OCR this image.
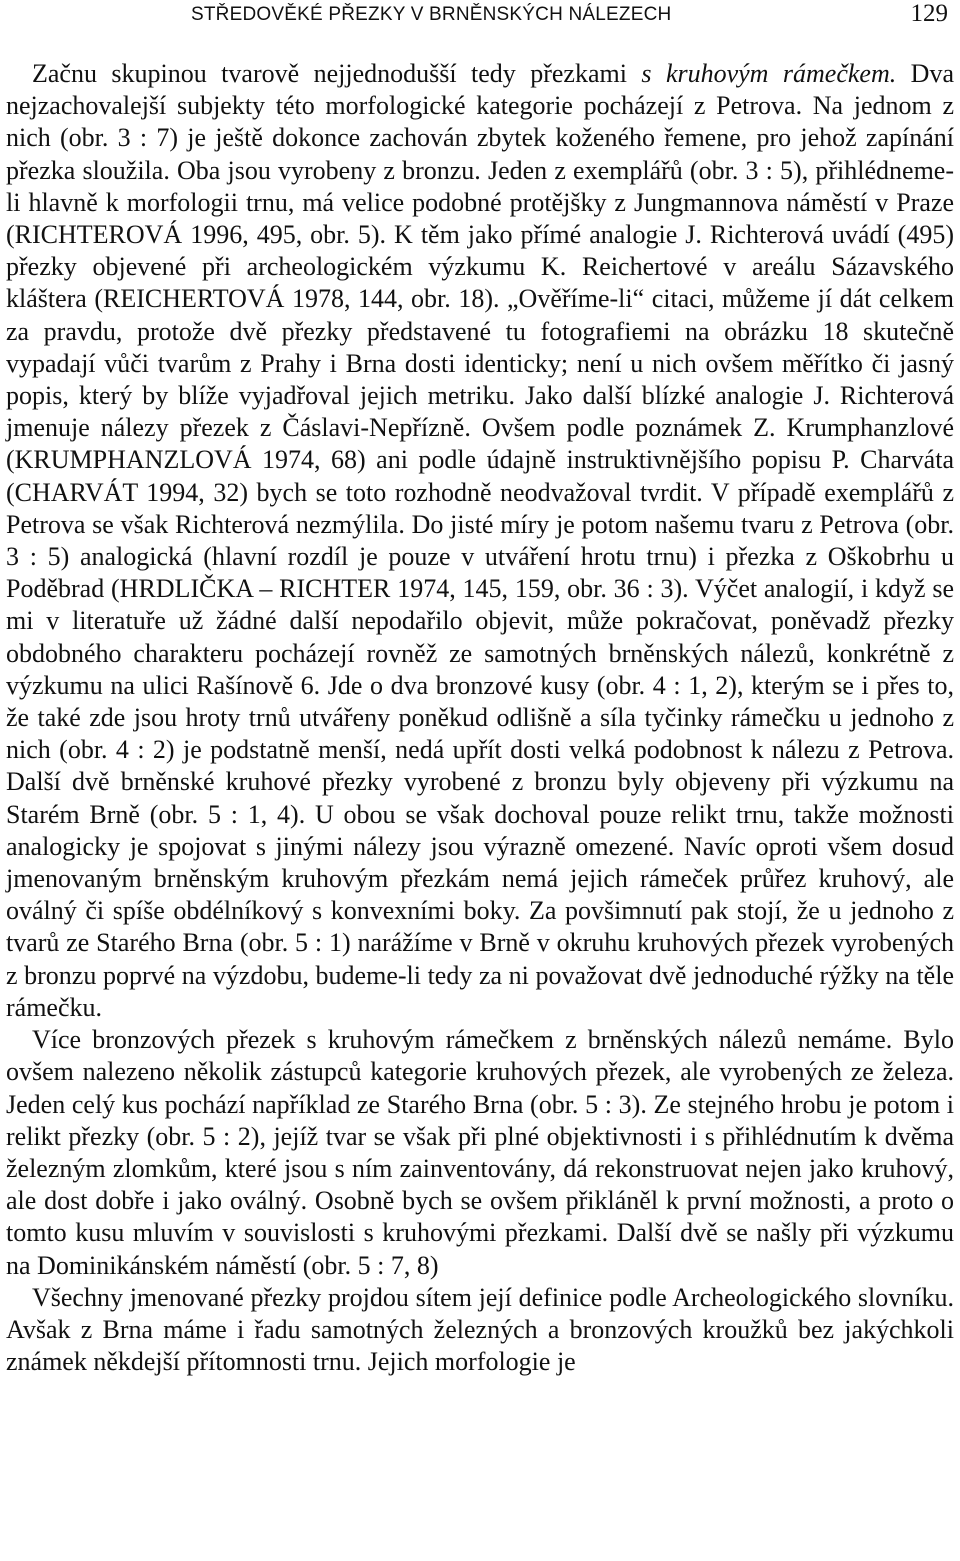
STŘEDOVĚKÉ PŘEZKY V BRNĚNSKÝCH NÁLEZECH	129

Začnu skupinou tvarově nejjednodušší tedy přezkami s kruhovým rámečkem. Dva nejzachovalejší subjekty této morfologické kategorie pocházejí z Petrova. Na jednom z nich (obr. 3 : 7) je ještě dokonce zachován zbytek koženého řemene, pro jehož zapínání přezka sloužila. Oba jsou vyrobeny z bronzu. Jeden z exemplářů (obr. 3 : 5), přihlédneme-li hlavně k morfologii trnu, má velice podobné protějšky z Jungmannova náměstí v Praze (RICHTEROVÁ 1996, 495, obr. 5). K těm jako přímé analogie J. Richterová uvádí (495) přezky objevené při archeologickém výzkumu K. Reichertové v areálu Sázavského kláštera (REICHERTOVÁ 1978, 144, obr. 18). „Ověříme-li“ citaci, můžeme jí dát celkem za pravdu, protože dvě přezky představené tu fotografiemi na obrázku 18 skutečně vypadají vůči tvarům z Prahy i Brna dosti identicky; není u nich ovšem měřítko či jasný popis, který by blíže vyjadřoval jejich metriku. Jako další blízké analogie J. Richterová jmenuje nálezy přezek z Čáslavi-Nepřízně. Ovšem podle poznámek Z. Krumphanzlové (KRUMPHANZLOVÁ 1974, 68) ani podle údajně instruktivnějšího popisu P. Charváta (CHARVÁT 1994, 32) bych se toto rozhodně neodvažoval tvrdit. V případě exemplářů z Petrova se však Richterová nezmýlila. Do jisté míry je potom našemu tvaru z Petrova (obr. 3 : 5) analogická (hlavní rozdíl je pouze v utváření hrotu trnu) i přezka z Oškobrhu u Poděbrad (HRDLIČKA – RICHTER 1974, 145, 159, obr. 36 : 3). Výčet analogií, i když se mi v literatuře už žádné další nepodařilo objevit, může pokračovat, poněvadž přezky obdobného charakteru pocházejí rovněž ze samotných brněnských nálezů, konkrétně z výzkumu na ulici Rašínově 6. Jde o dva bronzové kusy (obr. 4 : 1, 2), kterým se i přes to, že také zde jsou hroty trnů utvářeny poněkud odlišně a síla tyčinky rámečku u jednoho z nich (obr. 4 : 2) je podstatně menší, nedá upřít dosti velká podobnost k nálezu z Petrova. Další dvě brněnské kruhové přezky vyrobené z bronzu byly objeveny při výzkumu na Starém Brně (obr. 5 : 1, 4). U obou se však dochoval pouze relikt trnu, takže možnosti analogicky je spojovat s jinými nálezy jsou výrazně omezené. Navíc oproti všem dosud jmenovaným brněnským kruhovým přezkám nemá jejich rámeček průřez kruhový, ale oválný či spíše obdélníkový s konvexními boky. Za povšimnutí pak stojí, že u jednoho z tvarů ze Starého Brna (obr. 5 : 1) narážíme v Brně v okruhu kruhových přezek vyrobených z bronzu poprvé na výzdobu, budeme-li tedy za ni považovat dvě jednoduché rýžky na těle rámečku.

Více bronzových přezek s kruhovým rámečkem z brněnských nálezů nemáme. Bylo ovšem nalezeno několik zástupců kategorie kruhových přezek, ale vyrobených ze železa. Jeden celý kus pochází například ze Starého Brna (obr. 5 : 3). Ze stejného hrobu je potom i relikt přezky (obr. 5 : 2), jejíž tvar se však při plné objektivnosti i s přihlédnutím k dvěma železným zlomkům, které jsou s ním zainventovány, dá rekonstruovat nejen jako kruhový, ale dost dobře i jako oválný. Osobně bych se ovšem přikláněl k první možnosti, a proto o tomto kusu mluvím v souvislosti s kruhovými přezkami. Další dvě se našly při výzkumu na Dominikánském náměstí (obr. 5 : 7, 8)

Všechny jmenované přezky projdou sítem její definice podle Archeologického slovníku. Avšak z Brna máme i řadu samotných železných a bronzových kroužků bez jakýchkoli známek někdejší přítomnosti trnu. Jejich morfologie je
